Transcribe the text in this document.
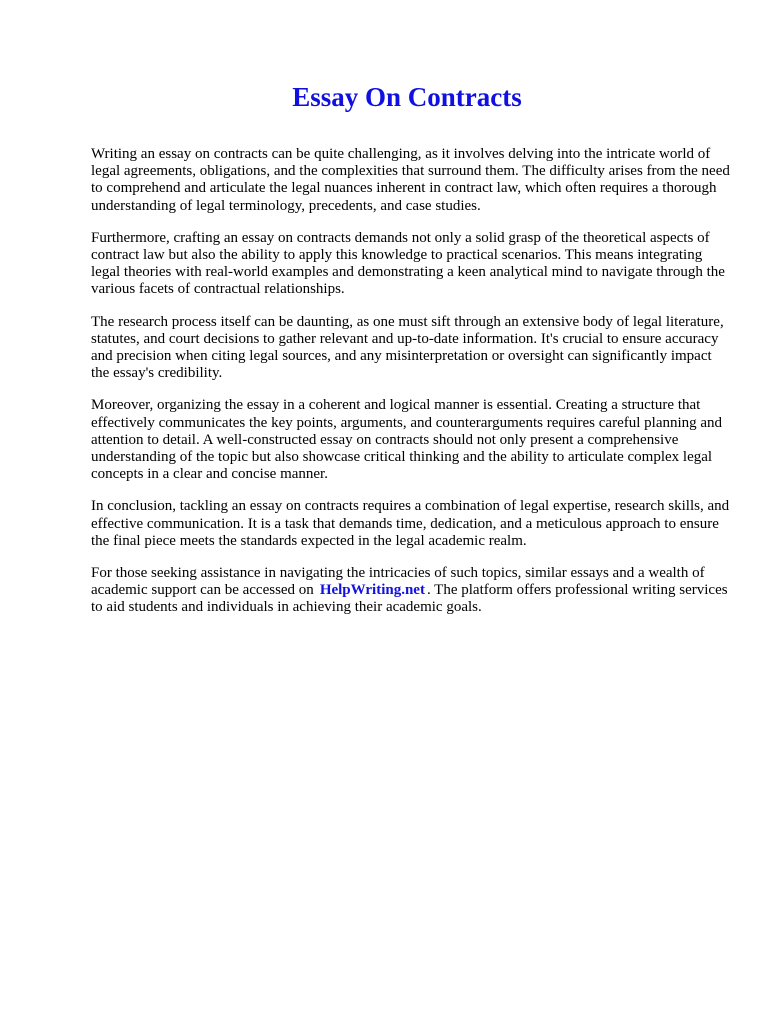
Essay On Contracts

Writing an essay on contracts can be quite challenging, as it involves delving into the intricate world of legal agreements, obligations, and the complexities that surround them. The difficulty arises from the need to comprehend and articulate the legal nuances inherent in contract law, which often requires a thorough understanding of legal terminology, precedents, and case studies.

Furthermore, crafting an essay on contracts demands not only a solid grasp of the theoretical aspects of contract law but also the ability to apply this knowledge to practical scenarios. This means integrating legal theories with real-world examples and demonstrating a keen analytical mind to navigate through the various facets of contractual relationships.

The research process itself can be daunting, as one must sift through an extensive body of legal literature, statutes, and court decisions to gather relevant and up-to-date information. It's crucial to ensure accuracy and precision when citing legal sources, and any misinterpretation or oversight can significantly impact the essay's credibility.

Moreover, organizing the essay in a coherent and logical manner is essential. Creating a structure that effectively communicates the key points, arguments, and counterarguments requires careful planning and attention to detail. A well-constructed essay on contracts should not only present a comprehensive understanding of the topic but also showcase critical thinking and the ability to articulate complex legal concepts in a clear and concise manner.

In conclusion, tackling an essay on contracts requires a combination of legal expertise, research skills, and effective communication. It is a task that demands time, dedication, and a meticulous approach to ensure the final piece meets the standards expected in the legal academic realm.

For those seeking assistance in navigating the intricacies of such topics, similar essays and a wealth of academic support can be accessed on HelpWriting.net . The platform offers professional writing services to aid students and individuals in achieving their academic goals.
